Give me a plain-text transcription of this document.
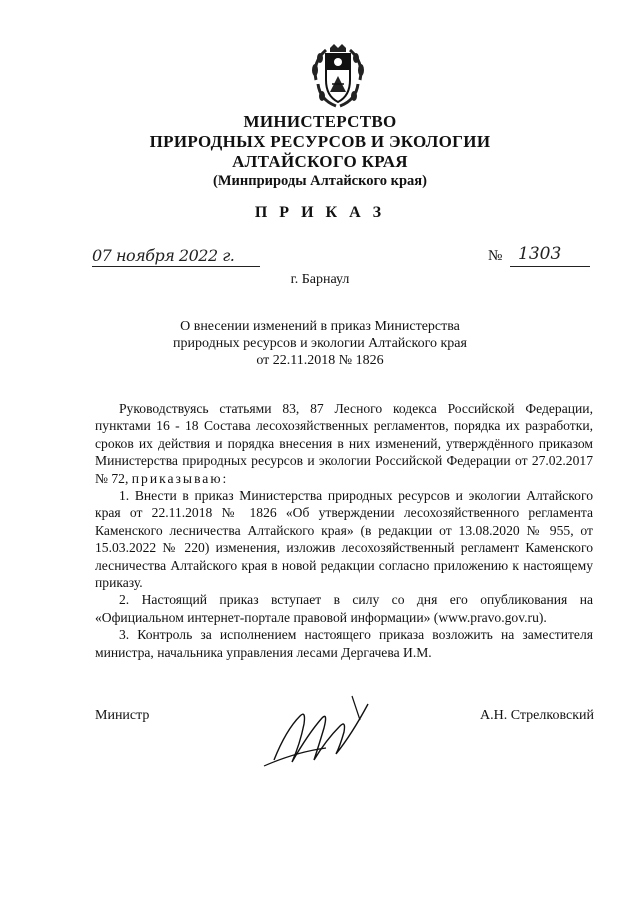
МИНИСТЕРСТВО
ПРИРОДНЫХ РЕСУРСОВ И ЭКОЛОГИИ
АЛТАЙСКОГО КРАЯ
(Минприроды Алтайского края)
П Р И К А З
07 ноября 2022 г.	№ 1303
г. Барнаул
О внесении изменений в приказ Министерства
природных ресурсов и экологии Алтайского края
от 22.11.2018 № 1826

Руководствуясь статьями 83, 87 Лесного кодекса Российской Федерации, пунктами 16 - 18 Состава лесохозяйственных регламентов, порядка их разработки, сроков их действия и порядка внесения в них изменений, утверждённого приказом Министерства природных ресурсов и экологии Российской Федерации от 27.02.2017 № 72, приказываю:

1. Внести в приказ Министерства природных ресурсов и экологии Алтайского края от 22.11.2018 № 1826 «Об утверждении лесохозяйственного регламента Каменского лесничества Алтайского края» (в редакции от 13.08.2020 № 955, от 15.03.2022 № 220) изменения, изложив лесохозяйственный регламент Каменского лесничества Алтайского края в новой редакции согласно приложению к настоящему приказу.

2. Настоящий приказ вступает в силу со дня его опубликования на «Официальном интернет-портале правовой информации» (www.pravo.gov.ru).

3. Контроль за исполнением настоящего приказа возложить на заместителя министра, начальника управления лесами Дергачева И.М.

Министр	А.Н. Стрелковский
